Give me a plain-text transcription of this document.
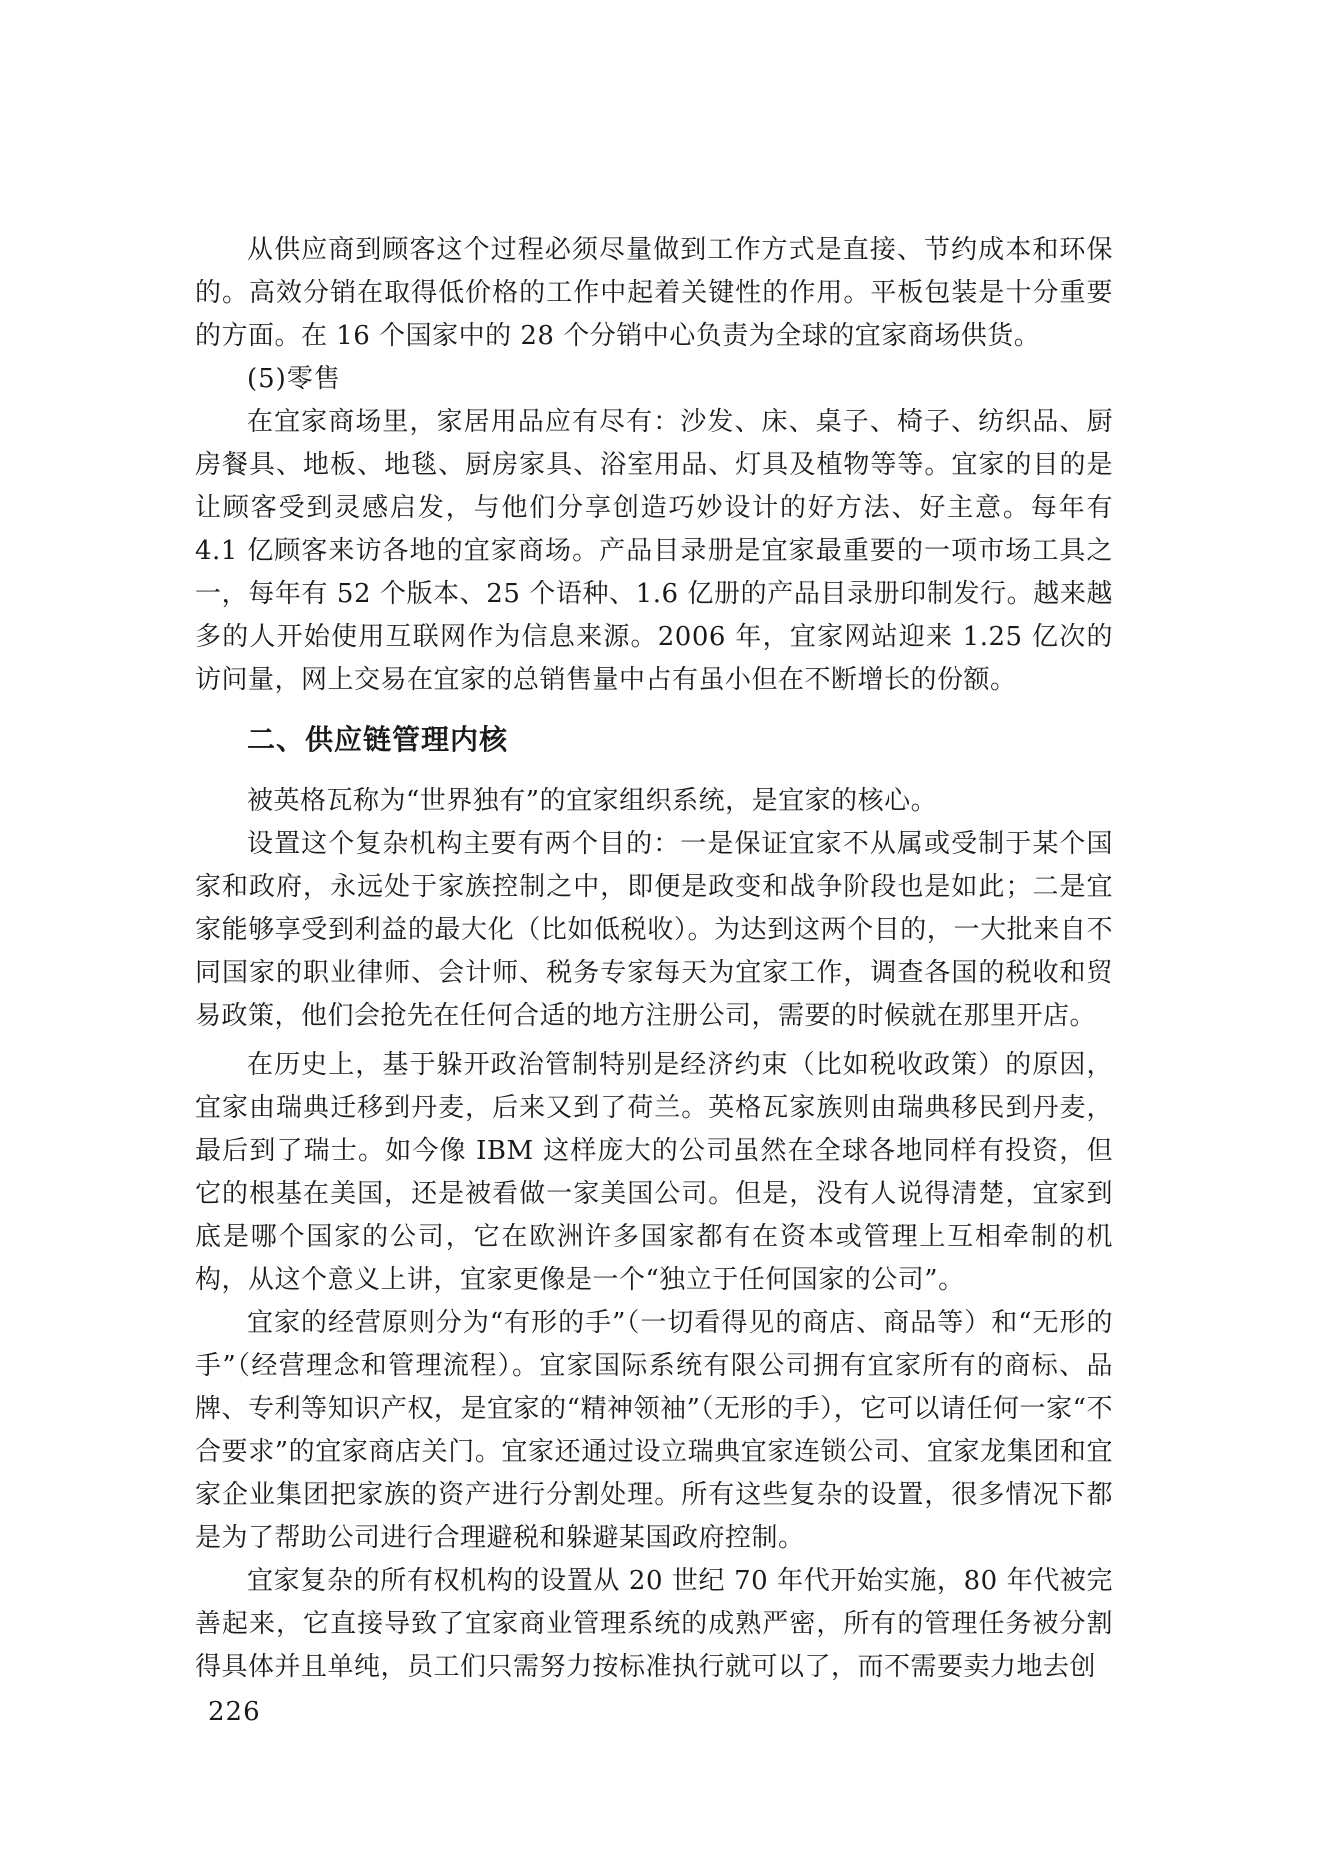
从供应商到顾客这个过程必须尽量做到工作方式是直接、节约成本和环保的。高效分销在取得低价格的工作中起着关键性的作用。平板包装是十分重要的方面。在 16 个国家中的 28 个分销中心负责为全球的宜家商场供货。

(5)零售

在宜家商场里，家居用品应有尽有：沙发、床、桌子、椅子、纺织品、厨房餐具、地板、地毯、厨房家具、浴室用品、灯具及植物等等。宜家的目的是让顾客受到灵感启发，与他们分享创造巧妙设计的好方法、好主意。每年有 4.1 亿顾客来访各地的宜家商场。产品目录册是宜家最重要的一项市场工具之一，每年有 52 个版本、25 个语种、1.6 亿册的产品目录册印制发行。越来越多的人开始使用互联网作为信息来源。2006 年，宜家网站迎来 1.25 亿次的访问量，网上交易在宜家的总销售量中占有虽小但在不断增长的份额。

二、供应链管理内核

被英格瓦称为“世界独有”的宜家组织系统，是宜家的核心。

设置这个复杂机构主要有两个目的：一是保证宜家不从属或受制于某个国家和政府，永远处于家族控制之中，即便是政变和战争阶段也是如此；二是宜家能够享受到利益的最大化（比如低税收）。为达到这两个目的，一大批来自不同国家的职业律师、会计师、税务专家每天为宜家工作，调查各国的税收和贸易政策，他们会抢先在任何合适的地方注册公司，需要的时候就在那里开店。

在历史上，基于躲开政治管制特别是经济约束（比如税收政策）的原因，宜家由瑞典迁移到丹麦，后来又到了荷兰。英格瓦家族则由瑞典移民到丹麦，最后到了瑞士。如今像 IBM 这样庞大的公司虽然在全球各地同样有投资，但它的根基在美国，还是被看做一家美国公司。但是，没有人说得清楚，宜家到底是哪个国家的公司，它在欧洲许多国家都有在资本或管理上互相牵制的机构，从这个意义上讲，宜家更像是一个“独立于任何国家的公司”。

宜家的经营原则分为“有形的手”（一切看得见的商店、商品等）和“无形的手”（经营理念和管理流程）。宜家国际系统有限公司拥有宜家所有的商标、品牌、专利等知识产权，是宜家的“精神领袖”（无形的手），它可以请任何一家“不合要求”的宜家商店关门。宜家还通过设立瑞典宜家连锁公司、宜家龙集团和宜家企业集团把家族的资产进行分割处理。所有这些复杂的设置，很多情况下都是为了帮助公司进行合理避税和躲避某国政府控制。

宜家复杂的所有权机构的设置从 20 世纪 70 年代开始实施，80 年代被完善起来，它直接导致了宜家商业管理系统的成熟严密，所有的管理任务被分割得具体并且单纯，员工们只需努力按标准执行就可以了，而不需要卖力地去创

226
